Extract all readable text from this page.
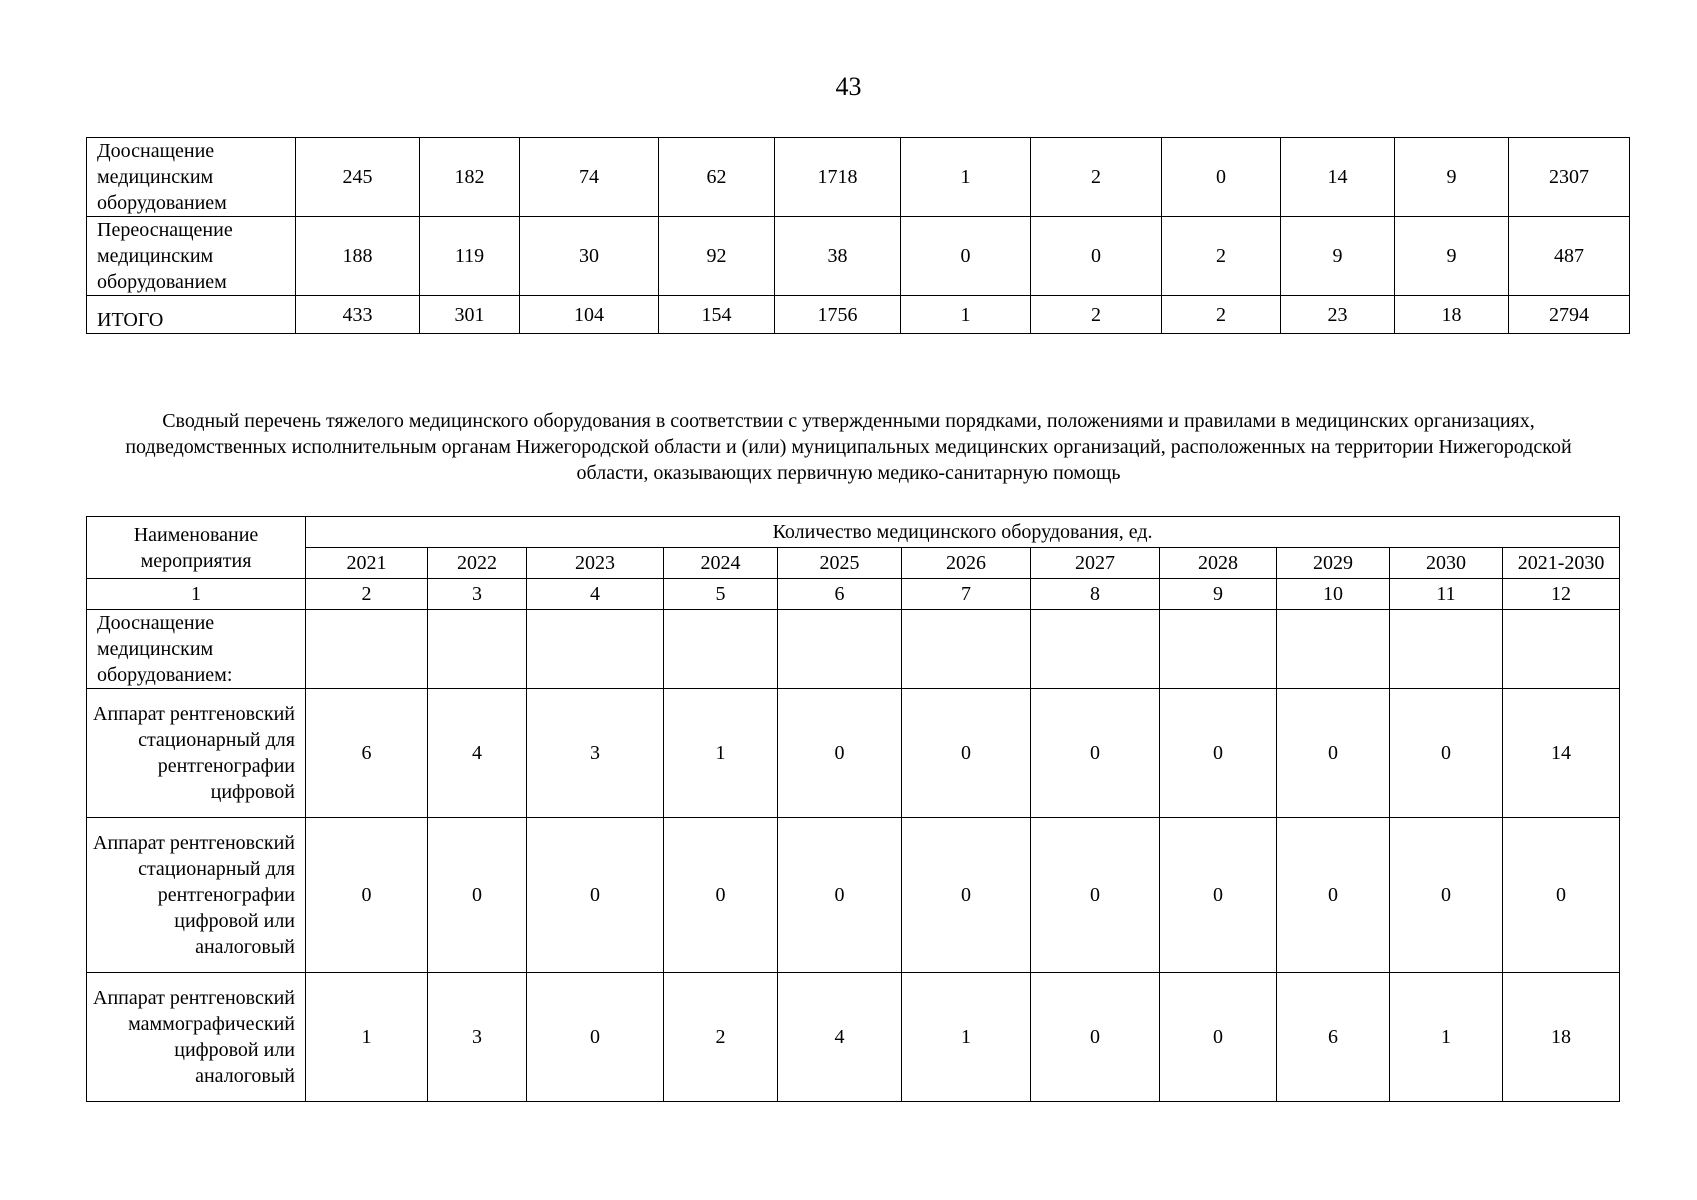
43
Дооснащение медицинским оборудованием	245	182	74	62	1718	1	2	0	14	9	2307
Переоснащение медицинским оборудованием	188	119	30	92	38	0	0	2	9	9	487
ИТОГО	433	301	104	154	1756	1	2	2	23	18	2794
Сводный перечень тяжелого медицинского оборудования в соответствии с утвержденными порядками, положениями и правилами в медицинских организациях, подведомственных исполнительным органам Нижегородской области и (или) муниципальных медицинских организаций, расположенных на территории Нижегородской области, оказывающих первичную медико-санитарную помощь
Наименование мероприятия	Количество медицинского оборудования, ед.										
	2021	2022	2023	2024	2025	2026	2027	2028	2029	2030	2021-2030
1	2	3	4	5	6	7	8	9	10	11	12
Дооснащение медицинским оборудованием:											
Аппарат рентгеновский стационарный для рентгенографии цифровой	6	4	3	1	0	0	0	0	0	0	14
Аппарат рентгеновский стационарный для рентгенографии цифровой или аналоговый	0	0	0	0	0	0	0	0	0	0	0
Аппарат рентгеновский маммографический цифровой или аналоговый	1	3	0	2	4	1	0	0	6	1	18
